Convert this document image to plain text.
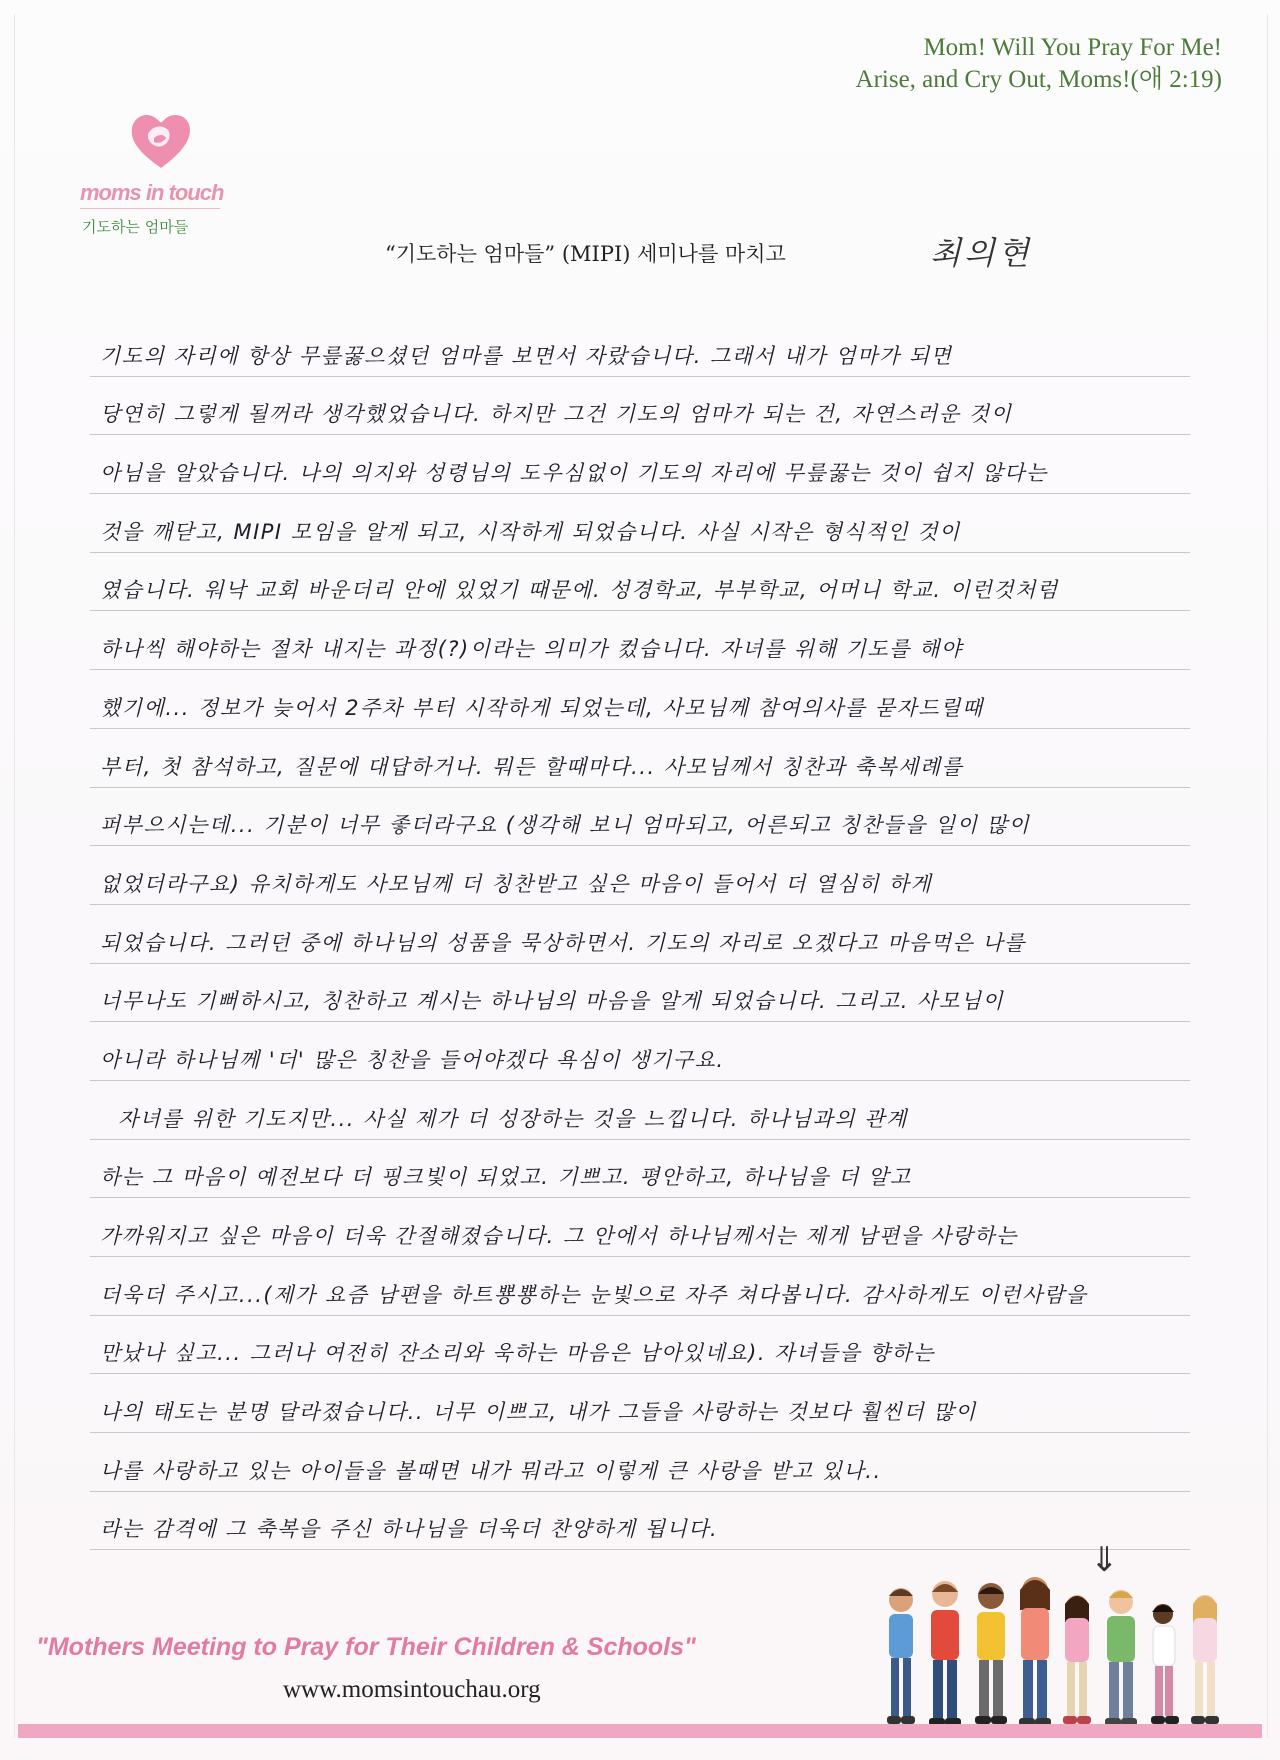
Mom! Will You Pray For Me!
Arise, and Cry Out, Moms!(애 2:19)
moms in touch
기도하는 엄마들
“기도하는 엄마들” (MIPI) 세미나를 마치고	최의현
기도의 자리에 항상 무릎꿇으셨던 엄마를 보면서 자랐습니다. 그래서 내가 엄마가 되면
당연히 그렇게 될꺼라 생각했었습니다. 하지만 그건 기도의 엄마가 되는 건, 자연스러운 것이
아님을 알았습니다. 나의 의지와 성령님의 도우심없이 기도의 자리에 무릎꿇는 것이 쉽지 않다는
것을 깨닫고, MIPI 모임을 알게 되고, 시작하게 되었습니다. 사실 시작은 형식적인 것이
였습니다. 워낙 교회 바운더리 안에 있었기 때문에. 성경학교, 부부학교, 어머니 학교. 이런것처럼
하나씩 해야하는 절차 내지는 과정(?)이라는 의미가 컸습니다. 자녀를 위해 기도를 해야
했기에... 정보가 늦어서 2주차 부터 시작하게 되었는데, 사모님께 참여의사를 묻자드릴때
부터, 첫 참석하고, 질문에 대답하거나. 뭐든 할때마다... 사모님께서 칭찬과 축복세례를
퍼부으시는데... 기분이 너무 좋더라구요 (생각해 보니 엄마되고, 어른되고 칭찬들을 일이 많이
없었더라구요) 유치하게도 사모님께 더 칭찬받고 싶은 마음이 들어서 더 열심히 하게
되었습니다. 그러던 중에 하나님의 성품을 묵상하면서. 기도의 자리로 오겠다고 마음먹은 나를
너무나도 기뻐하시고, 칭찬하고 계시는 하나님의 마음을 알게 되었습니다. 그리고. 사모님이
아니라 하나님께 '더' 많은 칭찬을 들어야겠다 욕심이 생기구요.
자녀를 위한 기도지만... 사실 제가 더 성장하는 것을 느낍니다. 하나님과의 관계
하는 그 마음이 예전보다 더 핑크빛이 되었고. 기쁘고. 평안하고, 하나님을 더 알고
가까워지고 싶은 마음이 더욱 간절해졌습니다. 그 안에서 하나님께서는 제게 남편을 사랑하는
더욱더 주시고...(제가 요즘 남편을 하트뿅뿅하는 눈빛으로 자주 쳐다봅니다. 감사하게도 이런사람을
만났나 싶고... 그러나 여전히 잔소리와 욱하는 마음은 남아있네요). 자녀들을 향하는
나의 태도는 분명 달라졌습니다.. 너무 이쁘고, 내가 그들을 사랑하는 것보다 훨씬더 많이
나를 사랑하고 있는 아이들을 볼때면 내가 뭐라고 이렇게 큰 사랑을 받고 있나..
라는 감격에 그 축복을 주신 하나님을 더욱더 찬양하게 됩니다.
⇓
"Mothers Meeting to Pray for Their Children & Schools"
www.momsintouchau.org
